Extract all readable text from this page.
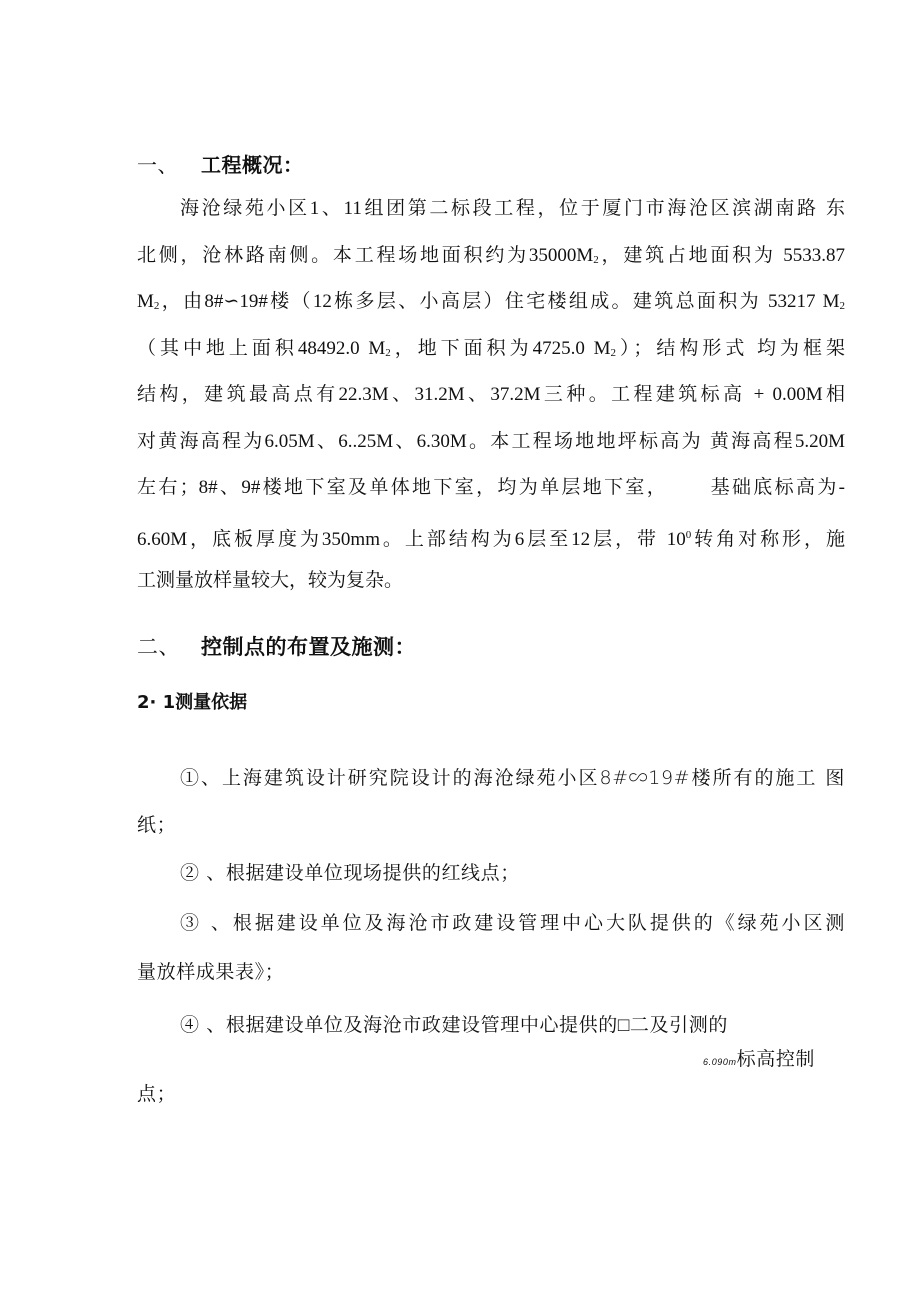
一、 工程概况：
海沧绿苑小区1、11组团第二标段工程，位于厦门市海沧区滨湖南路 东
北侧，沧林路南侧。本工程场地面积约为35000M2，建筑占地面积为 5533.87
M2，由8#∽19#楼（12栋多层、小高层）住宅楼组成。建筑总面积为 53217 M2
（其中地上面积48492.0 M2，地下面积为4725.0 M2）；结构形式 均为框架
结构，建筑最高点有22.3M、31.2M、37.2M三种。工程建筑标高 + 0.00M相
对黄海高程为6.05M、6..25M、6.30M。本工程场地地坪标高为 黄海高程5.20M
左右；8#、9#楼地下室及单体地下室，均为单层地下室，      基础底标高为-
6.60M，底板厚度为350mm。上部结构为6层至12层，带 $10^0$转角对称形，施
工测量放样量较大，较为复杂。
二、 控制点的布置及施测：
2· 1测量依据
①、上海建筑设计研究院设计的海沧绿苑小区8#∽19#楼所有的施工 图
纸；
② 、根据建设单位现场提供的红线点；
③ 、根据建设单位及海沧市政建设管理中心大队提供的《绿苑小区测
量放样成果表》；
④ 、根据建设单位及海沧市政建设管理中心提供的□二及引测的
6.090m标高控制
点；
